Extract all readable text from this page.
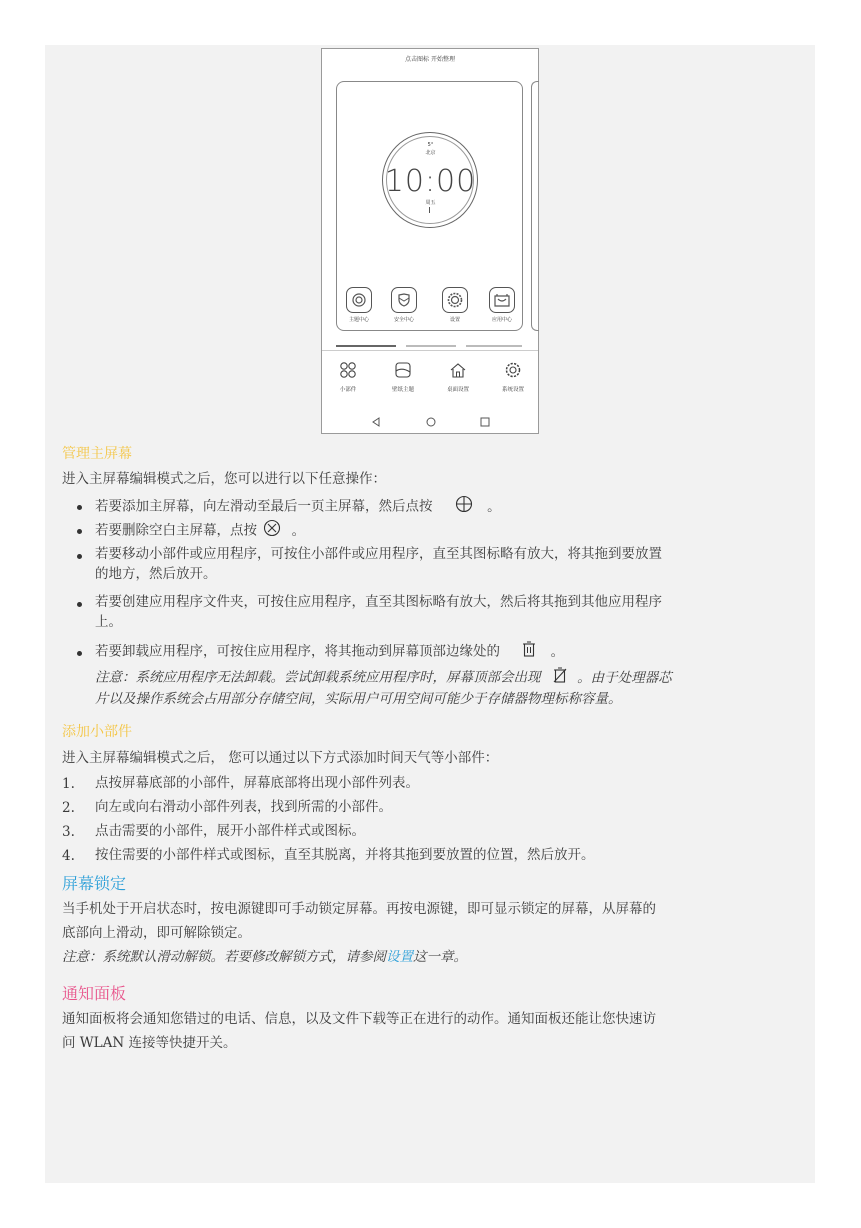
点击图标 开始整理
5°
北京
10:00
周五
主题中心	安全中心	设置	应用中心
小部件	壁纸主题	桌面设置	系统设置
管理主屏幕
进入主屏幕编辑模式之后，您可以进行以下任意操作：
若要添加主屏幕，向左滑动至最后一页主屏幕，然后点按	。
若要删除空白主屏幕，点按	。
若要移动小部件或应用程序，可按住小部件或应用程序，直至其图标略有放大，将其拖到要放置
的地方，然后放开。
若要创建应用程序文件夹，可按住应用程序，直至其图标略有放大，然后将其拖到其他应用程序
上。
若要卸载应用程序，可按住应用程序，将其拖动到屏幕顶部边缘处的	。
注意：系统应用程序无法卸载。尝试卸载系统应用程序时，屏幕顶部会出现	。由于处理器芯
片以及操作系统会占用部分存储空间，实际用户可用空间可能少于存储器物理标称容量。
添加小部件
进入主屏幕编辑模式之后， 您可以通过以下方式添加时间天气等小部件：
1. 点按屏幕底部的小部件，屏幕底部将出现小部件列表。
2. 向左或向右滑动小部件列表，找到所需的小部件。
3. 点击需要的小部件，展开小部件样式或图标。
4. 按住需要的小部件样式或图标，直至其脱离，并将其拖到要放置的位置，然后放开。
屏幕锁定
当手机处于开启状态时，按电源键即可手动锁定屏幕。再按电源键，即可显示锁定的屏幕，从屏幕的
底部向上滑动，即可解除锁定。
注意：系统默认滑动解锁。若要修改解锁方式，请参阅设置这一章。
通知面板
通知面板将会通知您错过的电话、信息，以及文件下载等正在进行的动作。通知面板还能让您快速访
问 WLAN 连接等快捷开关。
